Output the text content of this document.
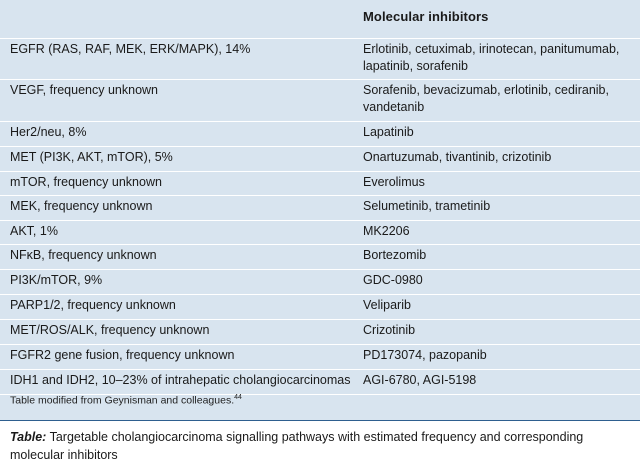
Molecular inhibitors
EGFR (RAS, RAF, MEK, ERK/MAPK), 14%	Erlotinib, cetuximab, irinotecan, panitumumab, lapatinib, sorafenib
VEGF, frequency unknown	Sorafenib, bevacizumab, erlotinib, cediranib, vandetanib
Her2/neu, 8%	Lapatinib
MET (PI3K, AKT, mTOR), 5%	Onartuzumab, tivantinib, crizotinib
mTOR, frequency unknown	Everolimus
MEK, frequency unknown	Selumetinib, trametinib
AKT, 1%	MK2206
NFκB, frequency unknown	Bortezomib
PI3K/mTOR, 9%	GDC-0980
PARP1/2, frequency unknown	Veliparib
MET/ROS/ALK, frequency unknown	Crizotinib
FGFR2 gene fusion, frequency unknown	PD173074, pazopanib
IDH1 and IDH2, 10–23% of intrahepatic cholangiocarcinomas	AGI-6780, AGI-5198
Table modified from Geynisman and colleagues.$^{44}$
Table: Targetable cholangiocarcinoma signalling pathways with estimated frequency and corresponding molecular inhibitors
